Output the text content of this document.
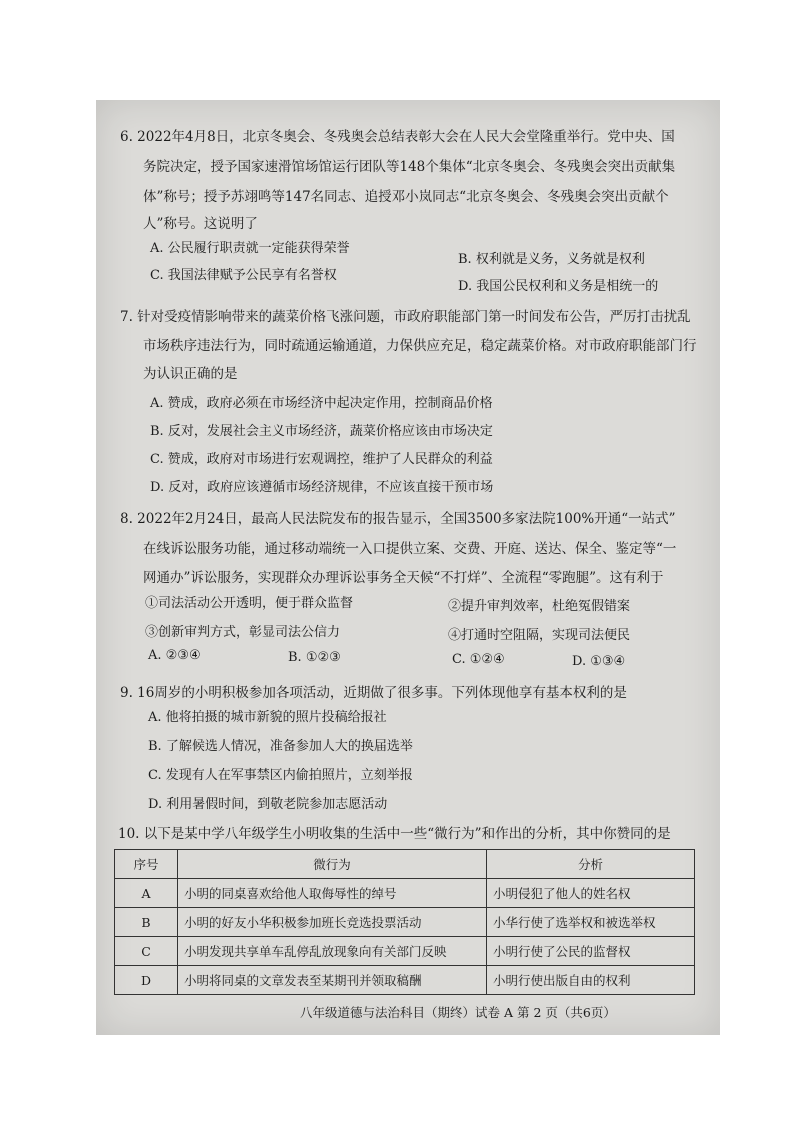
6. 2022年4月8日，北京冬奥会、冬残奥会总结表彰大会在人民大会堂隆重举行。党中央、国
务院决定，授予国家速滑馆场馆运行团队等148个集体“北京冬奥会、冬残奥会突出贡献集
体”称号；授予苏翊鸣等147名同志、追授邓小岚同志“北京冬奥会、冬残奥会突出贡献个
人”称号。这说明了
A. 公民履行职责就一定能获得荣誉
B. 权利就是义务，义务就是权利
C. 我国法律赋予公民享有名誉权
D. 我国公民权利和义务是相统一的
7. 针对受疫情影响带来的蔬菜价格飞涨问题，市政府职能部门第一时间发布公告，严厉打击扰乱
市场秩序违法行为，同时疏通运输通道，力保供应充足，稳定蔬菜价格。对市政府职能部门行
为认识正确的是
A. 赞成，政府必须在市场经济中起决定作用，控制商品价格
B. 反对，发展社会主义市场经济，蔬菜价格应该由市场决定
C. 赞成，政府对市场进行宏观调控，维护了人民群众的利益
D. 反对，政府应该遵循市场经济规律，不应该直接干预市场
8. 2022年2月24日，最高人民法院发布的报告显示，全国3500多家法院100%开通“一站式”
在线诉讼服务功能，通过移动端统一入口提供立案、交费、开庭、送达、保全、鉴定等“一
网通办”诉讼服务，实现群众办理诉讼事务全天候“不打烊”、全流程“零跑腿”。这有利于
①司法活动公开透明，便于群众监督	②提升审判效率，杜绝冤假错案
③创新审判方式，彰显司法公信力	④打通时空阻隔，实现司法便民
A. ②③④	B. ①②③	C. ①②④	D. ①③④
9. 16周岁的小明积极参加各项活动，近期做了很多事。下列体现他享有基本权利的是
A. 他将拍摄的城市新貌的照片投稿给报社
B. 了解候选人情况，准备参加人大的换届选举
C. 发现有人在军事禁区内偷拍照片，立刻举报
D. 利用暑假时间，到敬老院参加志愿活动
10. 以下是某中学八年级学生小明收集的生活中一些“微行为”和作出的分析，其中你赞同的是
序号	微行为	分析
A	小明的同桌喜欢给他人取侮辱性的绰号	小明侵犯了他人的姓名权
B	小明的好友小华积极参加班长竞选投票活动	小华行使了选举权和被选举权
C	小明发现共享单车乱停乱放现象向有关部门反映	小明行使了公民的监督权
D	小明将同桌的文章发表至某期刊并领取稿酬	小明行使出版自由的权利
八年级道德与法治科目（期终）试卷 A 第 2 页（共6页）
